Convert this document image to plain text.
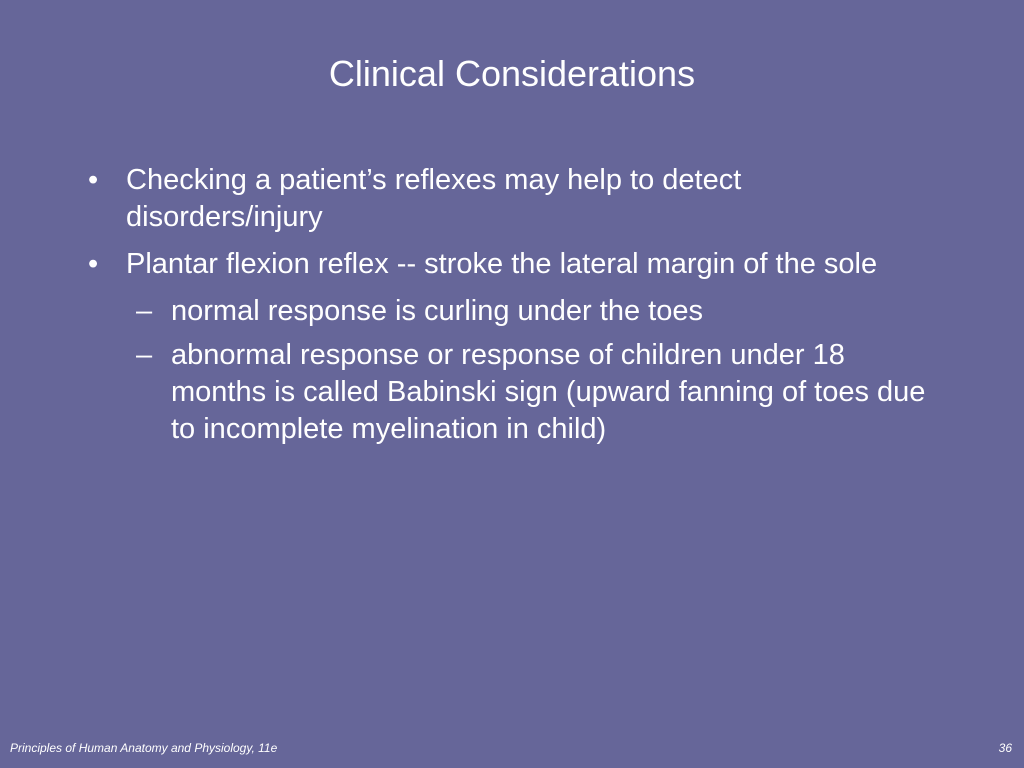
Clinical Considerations
• Checking a patient’s reflexes may help to detect disorders/injury
• Plantar flexion reflex -- stroke the lateral margin of the sole
– normal response is curling under the toes
– abnormal response or response of children under 18 months is called Babinski sign (upward fanning of toes due to incomplete myelination in child)
Principles of Human Anatomy and Physiology, 11e	36
